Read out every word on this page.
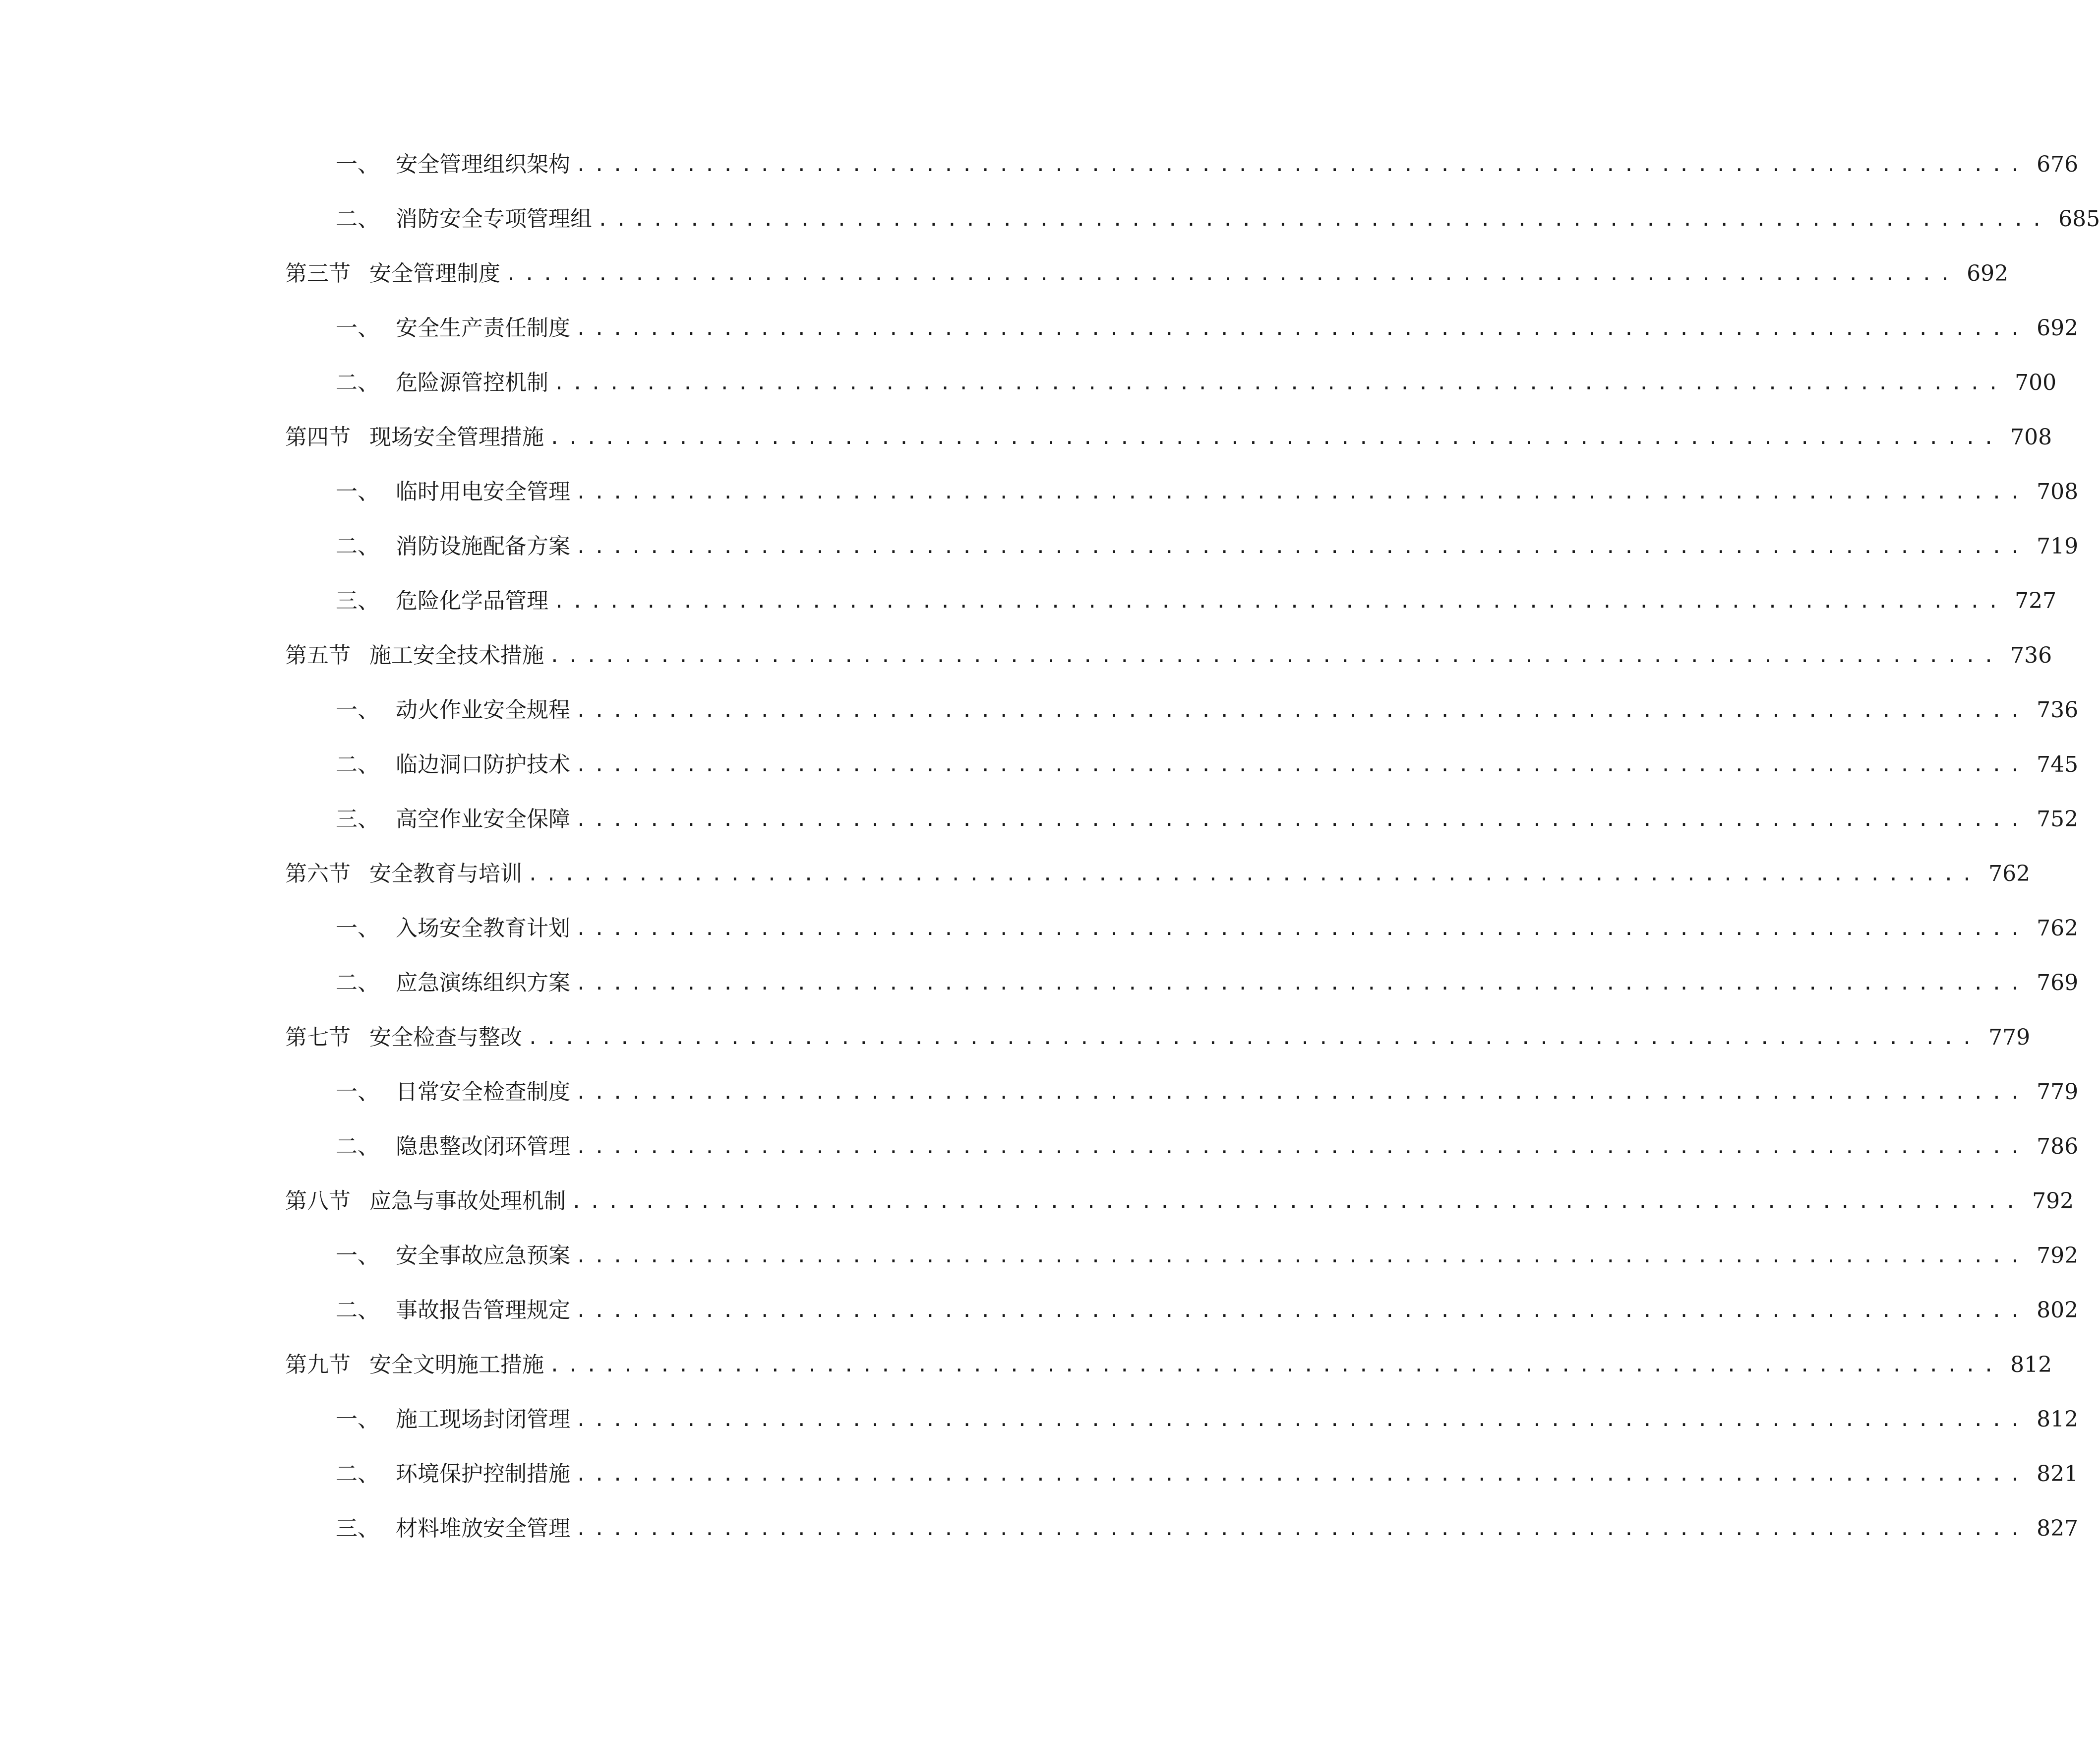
一、 安全管理组织架构 ............................................................................... 676
二、 消防安全专项管理组 ............................................................................... 685
第三节 安全管理制度 ............................................................................... 692
一、 安全生产责任制度 ............................................................................... 692
二、 危险源管控机制 ............................................................................... 700
第四节 现场安全管理措施 ............................................................................... 708
一、 临时用电安全管理 ............................................................................... 708
二、 消防设施配备方案 ............................................................................... 719
三、 危险化学品管理 ............................................................................... 727
第五节 施工安全技术措施 ............................................................................... 736
一、 动火作业安全规程 ............................................................................... 736
二、 临边洞口防护技术 ............................................................................... 745
三、 高空作业安全保障 ............................................................................... 752
第六节 安全教育与培训 ............................................................................... 762
一、 入场安全教育计划 ............................................................................... 762
二、 应急演练组织方案 ............................................................................... 769
第七节 安全检查与整改 ............................................................................... 779
一、 日常安全检查制度 ............................................................................... 779
二、 隐患整改闭环管理 ............................................................................... 786
第八节 应急与事故处理机制 ............................................................................... 792
一、 安全事故应急预案 ............................................................................... 792
二、 事故报告管理规定 ............................................................................... 802
第九节 安全文明施工措施 ............................................................................... 812
一、 施工现场封闭管理 ............................................................................... 812
二、 环境保护控制措施 ............................................................................... 821
三、 材料堆放安全管理 ............................................................................... 827
